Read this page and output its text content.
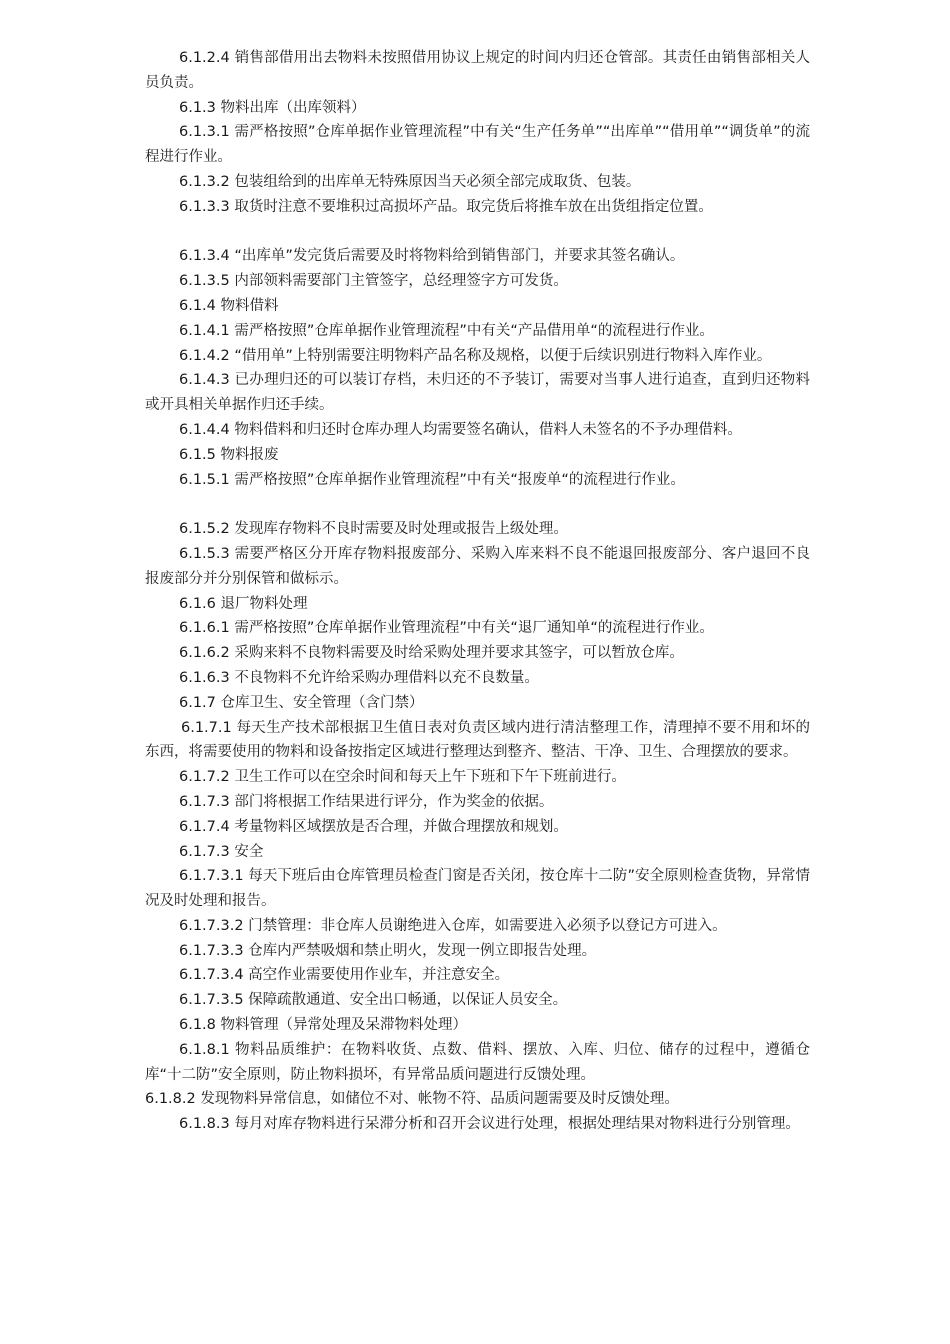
6.1.2.4 销售部借用出去物料未按照借用协议上规定的时间内归还仓管部。其责任由销售部相关人员负责。

6.1.3 物料出库（出库领料）

6.1.3.1 需严格按照”仓库单据作业管理流程”中有关“生产任务单”“出库单”“借用单”“调货单”的流程进行作业。

6.1.3.2 包装组给到的出库单无特殊原因当天必须全部完成取货、包装。

6.1.3.3 取货时注意不要堆积过高损坏产品。取完货后将推车放在出货组指定位置。

6.1.3.4 “出库单”发完货后需要及时将物料给到销售部门，并要求其签名确认。

6.1.3.5 内部领料需要部门主管签字，总经理签字方可发货。

6.1.4 物料借料

6.1.4.1 需严格按照”仓库单据作业管理流程”中有关“产品借用单“的流程进行作业。

6.1.4.2 “借用单”上特别需要注明物料产品名称及规格，以便于后续识别进行物料入库作业。

6.1.4.3 已办理归还的可以装订存档，未归还的不予装订，需要对当事人进行追查，直到归还物料或开具相关单据作归还手续。

6.1.4.4 物料借料和归还时仓库办理人均需要签名确认，借料人未签名的不予办理借料。

6.1.5 物料报废

6.1.5.1 需严格按照”仓库单据作业管理流程”中有关“报废单“的流程进行作业。

6.1.5.2 发现库存物料不良时需要及时处理或报告上级处理。

6.1.5.3 需要严格区分开库存物料报废部分、采购入库来料不良不能退回报废部分、客户退回不良报废部分并分别保管和做标示。

6.1.6 退厂物料处理

6.1.6.1 需严格按照”仓库单据作业管理流程”中有关“退厂通知单“的流程进行作业。

6.1.6.2 采购来料不良物料需要及时给采购处理并要求其签字，可以暂放仓库。

6.1.6.3 不良物料不允许给采购办理借料以充不良数量。

6.1.7 仓库卫生、安全管理（含门禁）

6.1.7.1 每天生产技术部根据卫生值日表对负责区域内进行清洁整理工作，清理掉不要不用和坏的东西，将需要使用的物料和设备按指定区域进行整理达到整齐、整洁、干净、卫生、合理摆放的要求。

6.1.7.2 卫生工作可以在空余时间和每天上午下班和下午下班前进行。

6.1.7.3 部门将根据工作结果进行评分，作为奖金的依据。

6.1.7.4 考量物料区域摆放是否合理，并做合理摆放和规划。

6.1.7.3 安全

6.1.7.3.1 每天下班后由仓库管理员检查门窗是否关闭，按仓库十二防”安全原则检查货物，异常情况及时处理和报告。

6.1.7.3.2 门禁管理：非仓库人员谢绝进入仓库，如需要进入必须予以登记方可进入。

6.1.7.3.3 仓库内严禁吸烟和禁止明火，发现一例立即报告处理。

6.1.7.3.4 高空作业需要使用作业车，并注意安全。

6.1.7.3.5 保障疏散通道、安全出口畅通，以保证人员安全。

6.1.8 物料管理（异常处理及呆滞物料处理）

6.1.8.1 物料品质维护：在物料收货、点数、借料、摆放、入库、归位、储存的过程中，遵循仓库“十二防”安全原则，防止物料损坏，有异常品质问题进行反馈处理。

6.1.8.2 发现物料异常信息，如储位不对、帐物不符、品质问题需要及时反馈处理。

6.1.8.3 每月对库存物料进行呆滞分析和召开会议进行处理，根据处理结果对物料进行分别管理。
